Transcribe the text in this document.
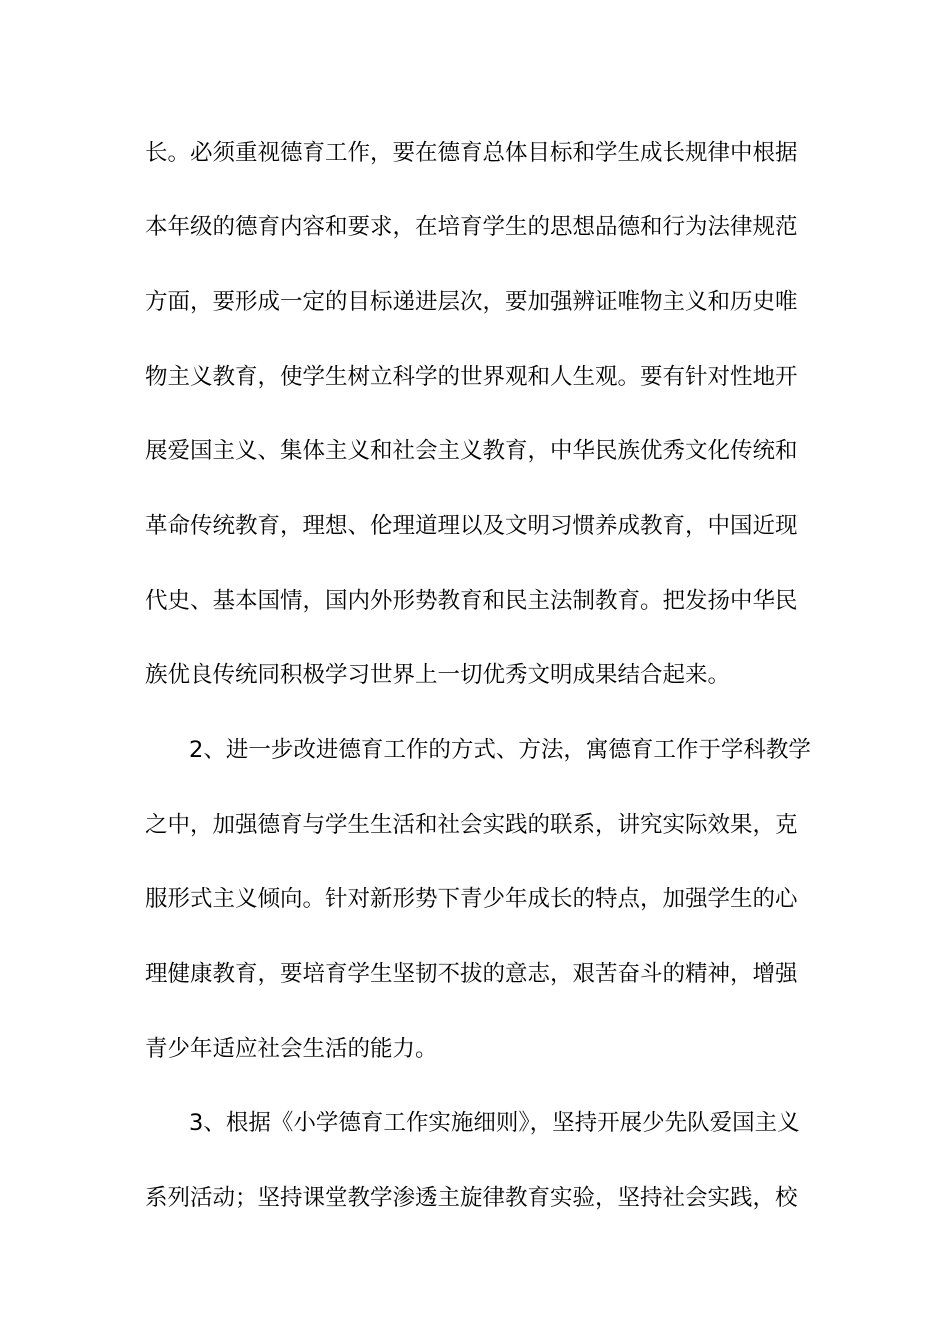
长。必须重视德育工作，要在德育总体目标和学生成长规律中根据
本年级的德育内容和要求，在培育学生的思想品德和行为法律规范
方面，要形成一定的目标递进层次，要加强辨证唯物主义和历史唯
物主义教育，使学生树立科学的世界观和人生观。要有针对性地开
展爱国主义、集体主义和社会主义教育，中华民族优秀文化传统和
革命传统教育，理想、伦理道理以及文明习惯养成教育，中国近现
代史、基本国情，国内外形势教育和民主法制教育。把发扬中华民
族优良传统同积极学习世界上一切优秀文明成果结合起来。
2、进一步改进德育工作的方式、方法，寓德育工作于学科教学
之中，加强德育与学生生活和社会实践的联系，讲究实际效果，克
服形式主义倾向。针对新形势下青少年成长的特点，加强学生的心
理健康教育，要培育学生坚韧不拔的意志，艰苦奋斗的精神，增强
青少年适应社会生活的能力。
3、根据《小学德育工作实施细则》，坚持开展少先队爱国主义
系列活动；坚持课堂教学渗透主旋律教育实验，坚持社会实践，校
